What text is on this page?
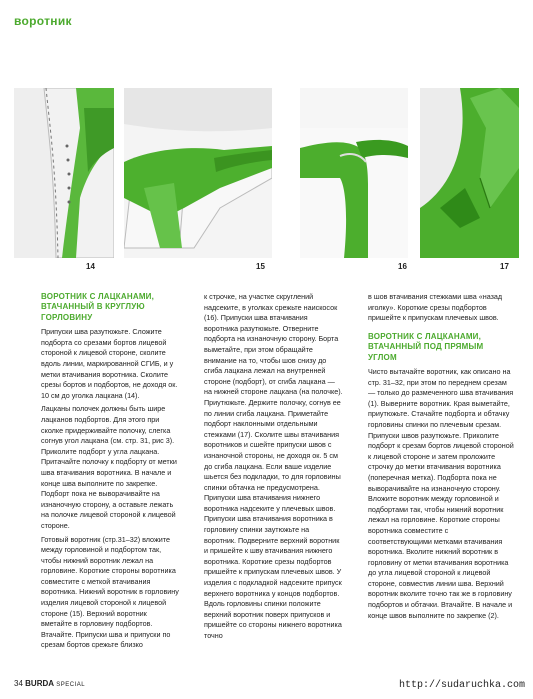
воротник
14	15	16	17
ВОРОТНИК С ЛАЦКАНАМИ, ВТАЧАННЫЙ В КРУГЛУЮ ГОРЛОВИНУ

Припуски шва разутюжьте. Сложите подборта со срезами бортов лицевой стороной к лицевой стороне, сколите вдоль линии, маркированной СГИБ, и у метки втачивания воротника. Сколите срезы бортов и подбортов, не доходя ок. 10 см до уголка лацкана (14).

Лацканы полочек должны быть шире лацканов подбортов. Для этого при сколке придерживайте полочку, слегка согнув угол лацкана (см. стр. 31, рис 3). Приколите подборт у угла лацкана. Притачайте полочку к подборту от метки шва втачивания воротника. В начале и конце шва выполните по закрепке. Подборт пока не выворачивайте на изнаночную сторону, а оставьте лежать на полочке лицевой стороной к лицевой стороне.

Готовый воротник (стр.31–32) вложите между горловиной и подбортом так, чтобы нижний воротник лежал на горловине. Короткие стороны воротника совместите с меткой втачивания воротника. Нижний воротник в горловину изделия лицевой стороной к лицевой стороне (15). Верхний воротник вметайте в горловину подбортов. Втачайте. Припуски шва и припуски по срезам бортов срежьте близко

к строчке, на участке скруглений надсеките, в уголках срежьте наискосок (16). Припуски шва втачивания воротника разутюжьте. Отверните подборта на изнаночную сторону. Борта выметайте, при этом обращайте внимание на то, чтобы шов снизу до сгиба лацкана лежал на внутренней стороне (подборт), от сгиба лацкана — на нижней стороне лацкана (на полочке). Приутюжьте. Держите полочку, согнув ее по линии сгиба лацкана. Приметайте подборт наклонными отдельными стежками (17). Сколите швы втачивания воротников и сшейте припуски швов с изнаночной стороны, не доходя ок. 5 см до сгиба лацкана. Если ваше изделие шьется без подкладки, то для горловины спинки обтачка не предусмотрена. Припуски шва втачивания нижнего воротника надсеките у плечевых швов. Припуски шва втачивания воротника в горловину спинки заутюжьте на воротник. Подверните верхний воротник и пришейте к шву втачивания нижнего воротника. Короткие срезы подбортов пришейте к припускам плечевых швов. У изделия с подкладкой надсеките припуск верхнего воротника у концов подбортов. Вдоль горловины спинки положите верхний воротник поверх припусков и пришейте со стороны нижнего воротника точно

в шов втачивания стежками шва «назад иголку». Короткие срезы подбортов пришейте к припускам плечевых швов.

ВОРОТНИК С ЛАЦКАНАМИ, ВТАЧАННЫЙ ПОД ПРЯМЫМ УГЛОМ

Чисто вытачайте воротник, как описано на стр. 31–32, при этом по переднем срезам — только до размеченного шва втачивания (1). Выверните воротник. Края выметайте, приутюжьте. Стачайте подборта и обтачку горловины спинки по плечевым срезам. Припуски швов разутюжьте. Приколите подборт к срезам бортов лицевой стороной к лицевой стороне и затем проложите строчку до метки втачивания воротника (поперечная метка). Подборта пока не выворачивайте на изнаночную сторону. Вложите воротник между горловиной и подбортами так, чтобы нижний воротник лежал на горловине. Короткие стороны воротника совместите с соответствующими метками втачивания воротника. Вколите нижний воротник в горловину от метки втачивания воротника до угла лицевой стороной к лицевой стороне, совместив линии шва. Верхний воротник вколите точно так же в горловину подбортов и обтачки. Втачайте. В начале и конце швов выполните по закрепке (2).

34 BURDA SPECIAL	http://sudaruchka.com
